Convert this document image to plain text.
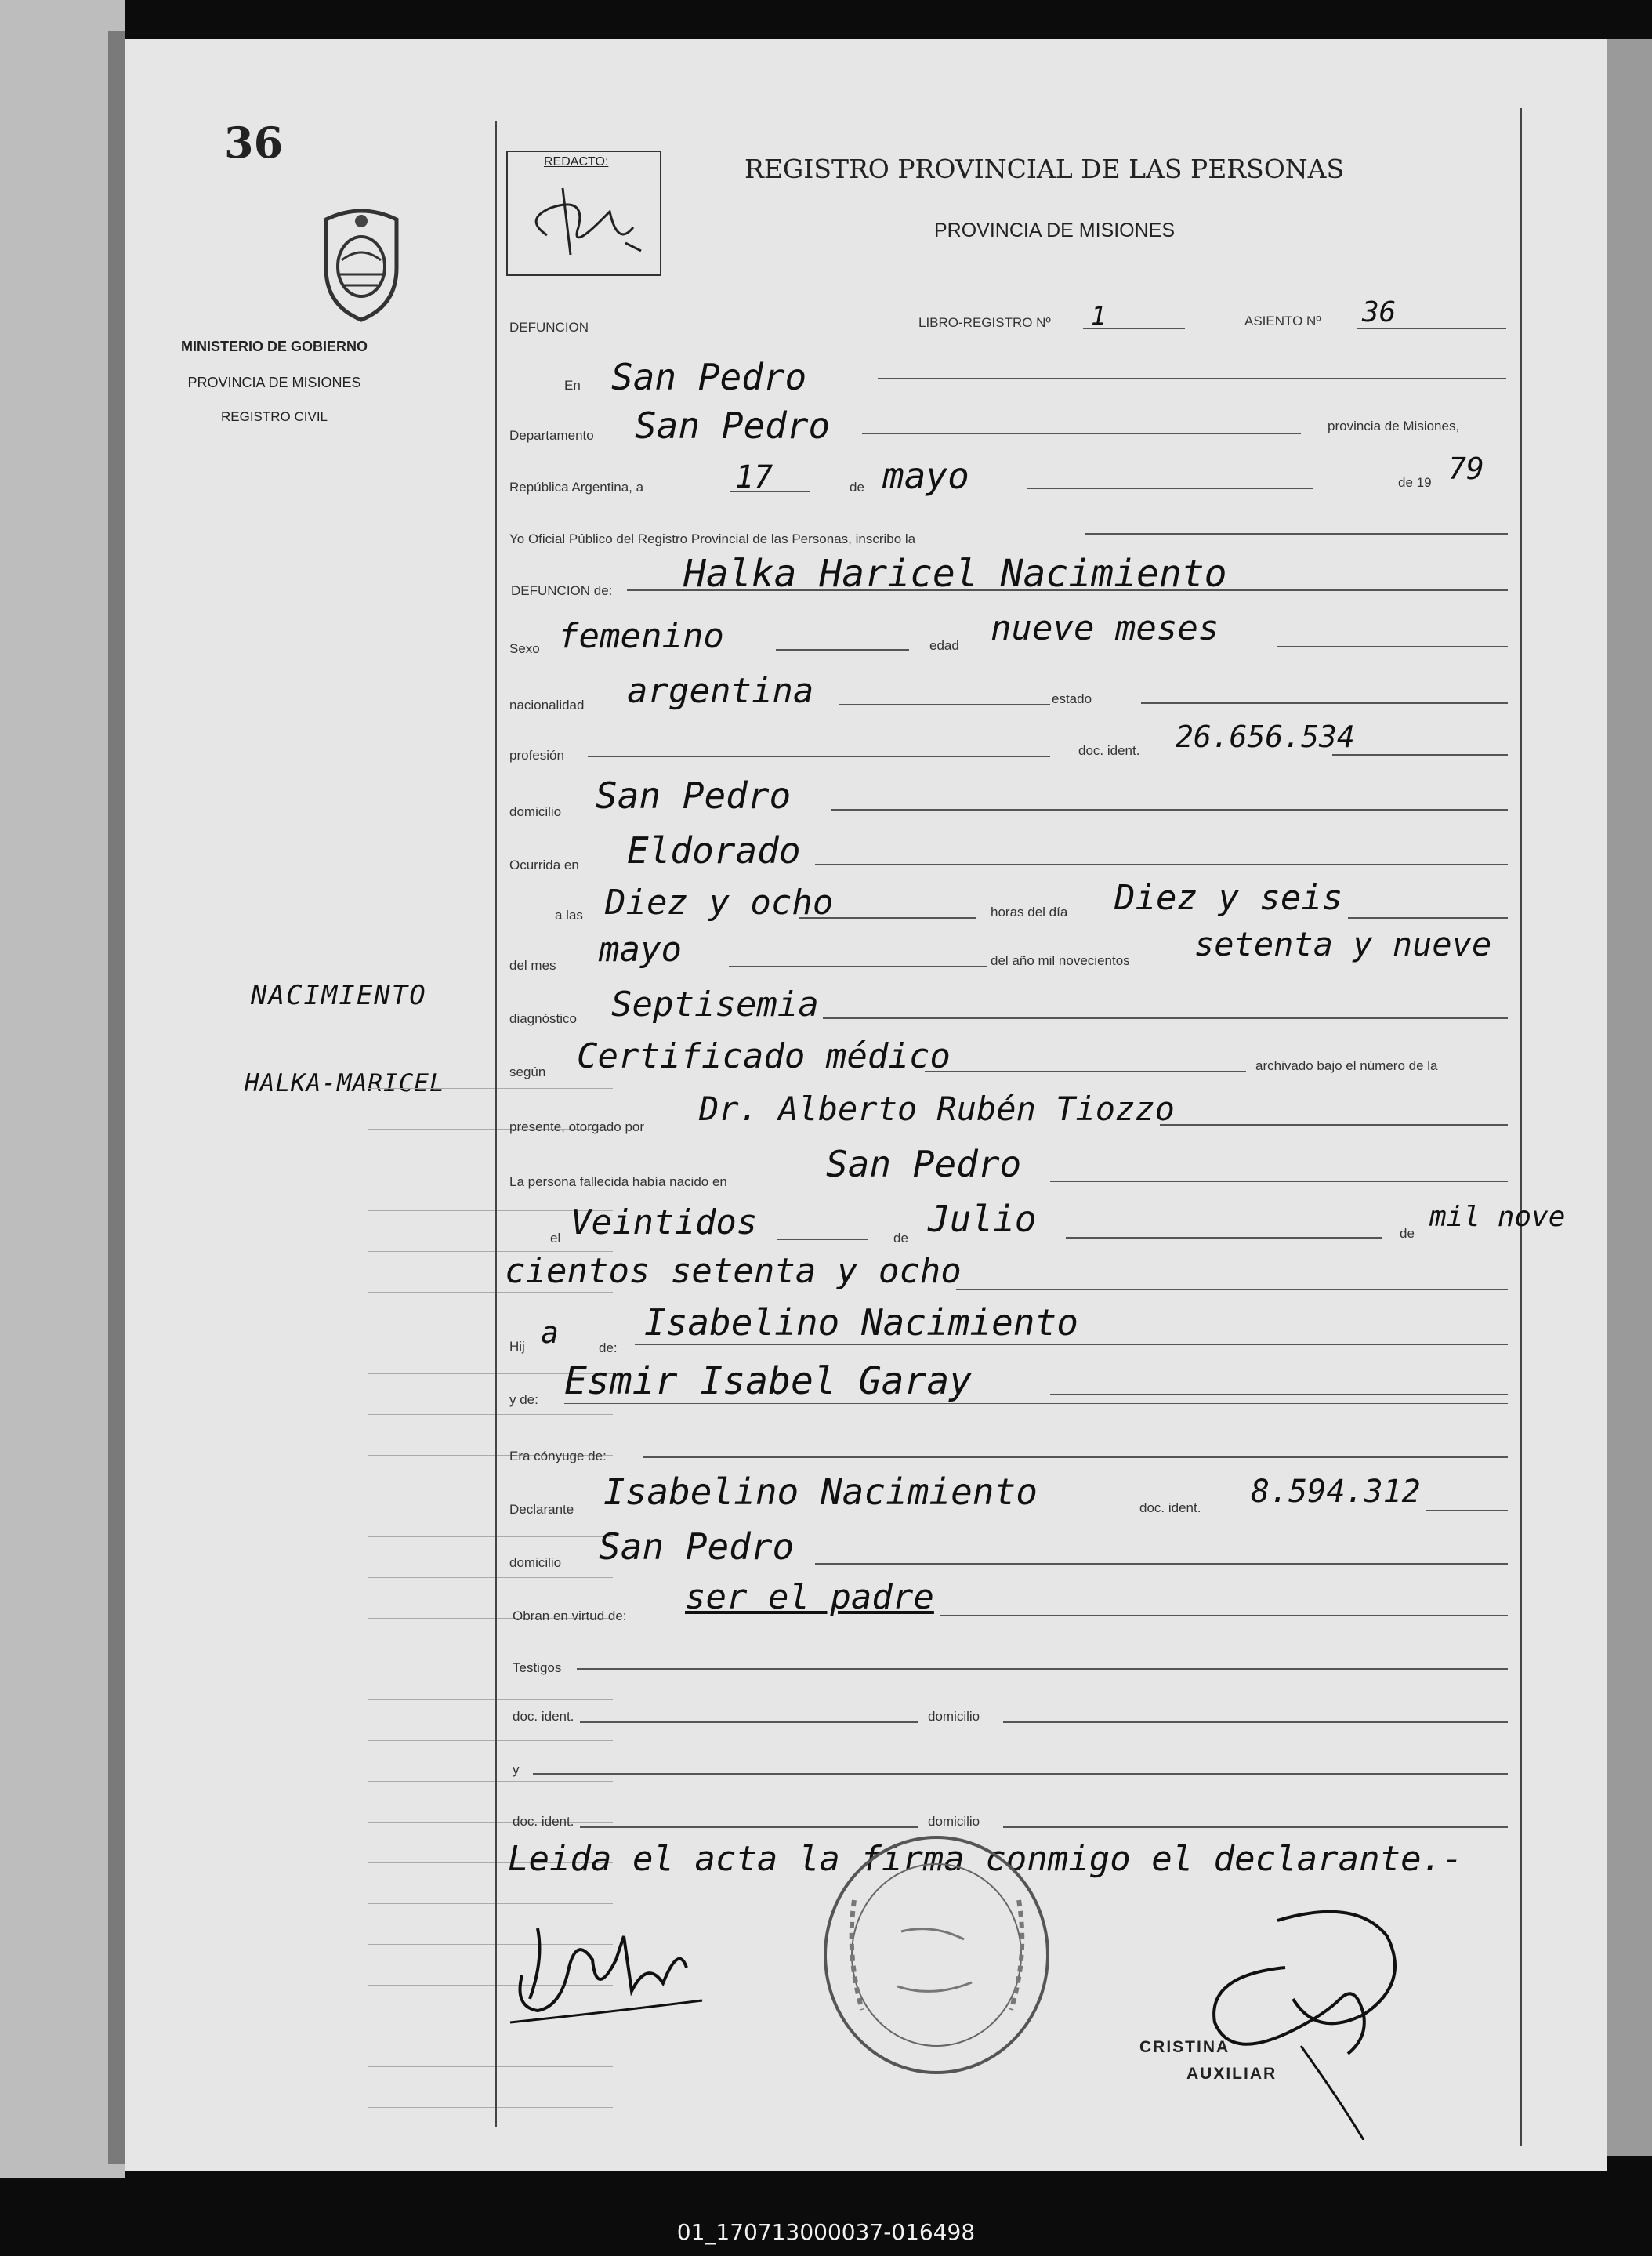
36
MINISTERIO DE GOBIERNO
PROVINCIA DE MISIONES
REGISTRO CIVIL
NACIMIENTO
HALKA-MARICEL
REDACTO:	REGISTRO PROVINCIAL DE LAS PERSONAS
PROVINCIA DE MISIONES
DEFUNCION	LIBRO-REGISTRO Nº 1	ASIENTO Nº 36
En San Pedro
Departamento San Pedro	provincia de Misiones,
República Argentina, a	17	de mayo	de 19 79
Yo Oficial Público del Registro Provincial de las Personas, inscribo la
DEFUNCION de: Halka Haricel Nacimiento
Sexo femenino	edad nueve meses
nacionalidad argentina	estado
profesión	doc. ident. 26.656.534
domicilio San Pedro
Ocurrida en Eldorado
a las Diez y ocho	horas del día Diez y seis
del mes mayo	del año mil novecientos setenta y nueve
diagnóstico Septisemia
según Certificado médico	archivado bajo el número de la
presente, otorgado por Dr. Alberto Rubén Tiozzo
La persona fallecida había nacido en	San Pedro
el Veintidos	de Julio	de
mil nove
cientos setenta y ocho
Hij a	de:
Isabelino Nacimiento
y de: Esmir Isabel Garay
Era cónyuge de:
Declarante Isabelino Nacimiento	doc. ident. 8.594.312
domicilio San Pedro
Obran en virtud de: ser el padre
Testigos
doc. ident.	domicilio
y
doc. ident.	domicilio
Leida el acta la firma conmigo el declarante.-
CRISTINA
AUXILIAR
01_170713000037-016498
